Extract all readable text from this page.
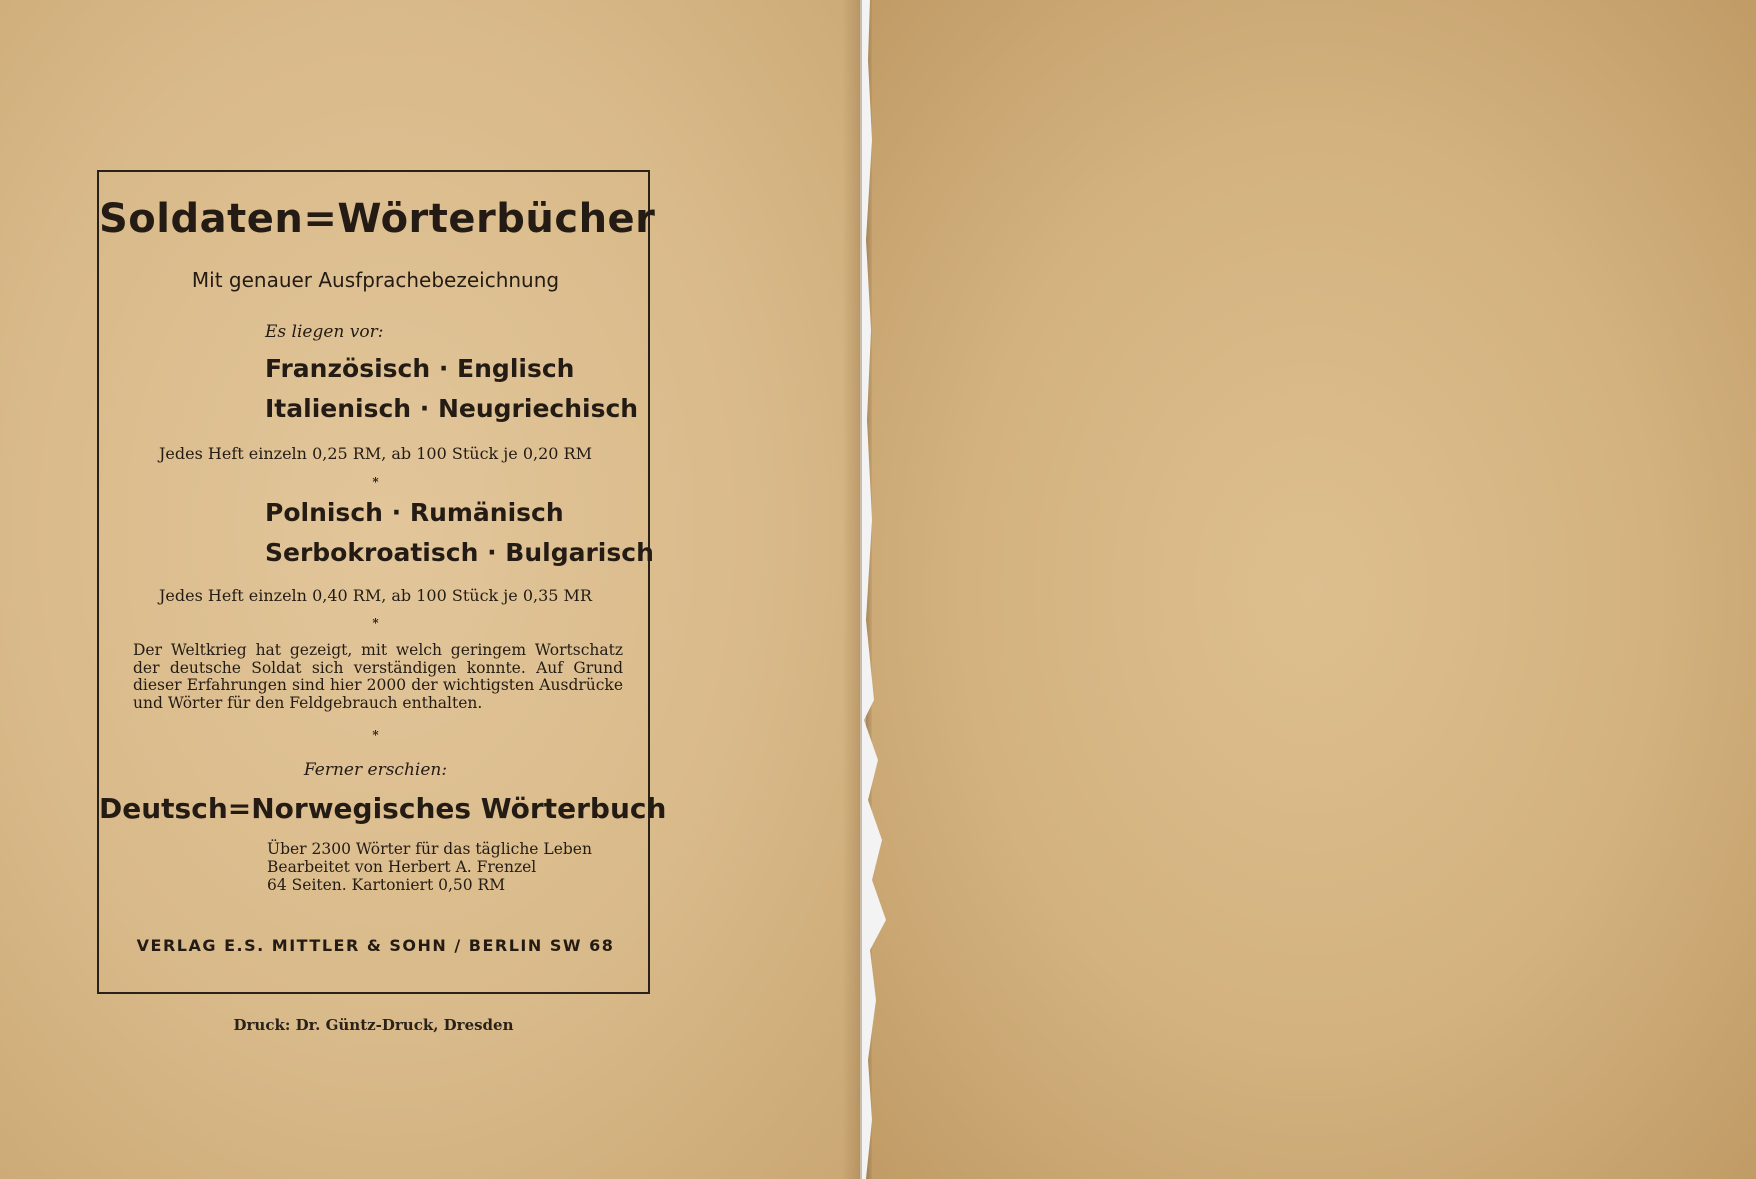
Soldaten=Wörterbücher
Mit genauer Ausfprachebezeichnung
Es liegen vor:
Französisch · Englisch
Italienisch · Neugriechisch
Jedes Heft einzeln 0,25 RM, ab 100 Stück je 0,20 RM
*
Polnisch · Rumänisch
Serbokroatisch · Bulgarisch
Jedes Heft einzeln 0,40 RM, ab 100 Stück je 0,35 MR
*
Der Weltkrieg hat gezeigt, mit welch geringem Wortschatz der deutsche Soldat sich verständigen konnte. Auf Grund dieser Erfahrungen sind hier 2000 der wichtigsten Ausdrücke und Wörter für den Feldgebrauch enthalten.
*
Ferner erschien:
Deutsch=Norwegisches Wörterbuch
Über 2300 Wörter für das tägliche Leben
Bearbeitet von Herbert A. Frenzel
64 Seiten. Kartoniert 0,50 RM
VERLAG E.S. MITTLER & SOHN / BERLIN SW 68
Druck: Dr. Güntz-Druck, Dresden
